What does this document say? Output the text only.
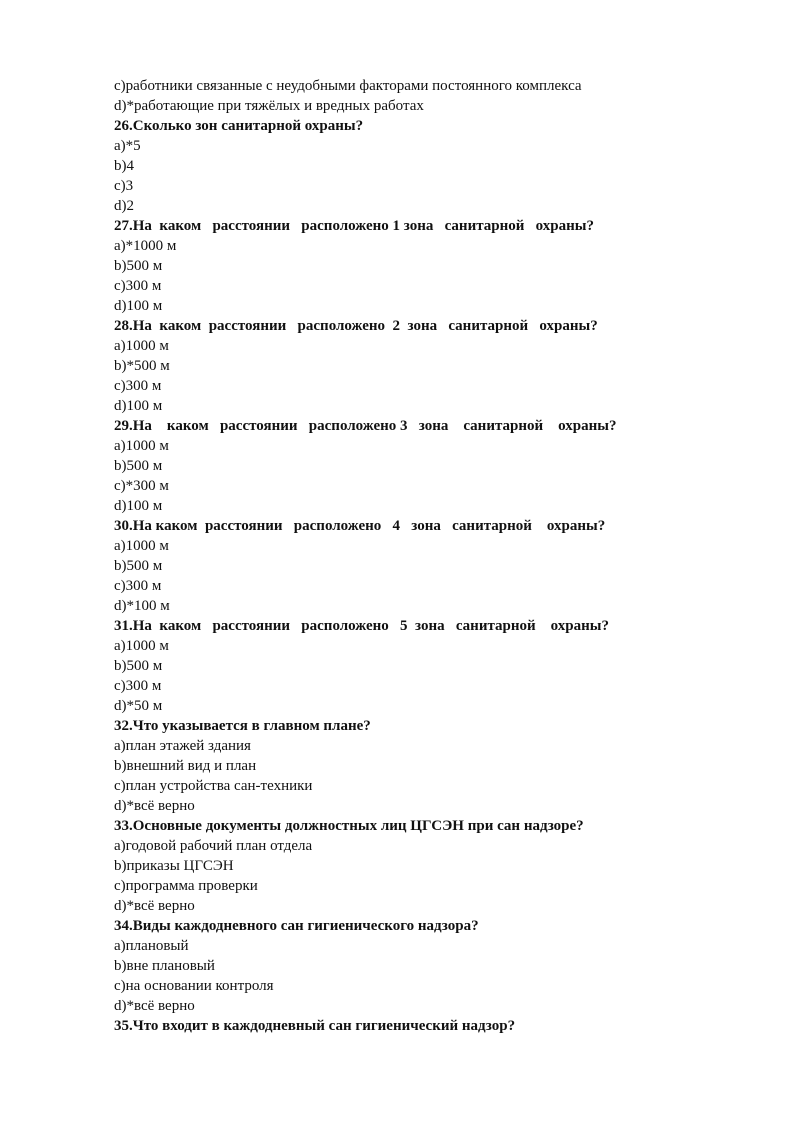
c)работники связанные с неудобными факторами постоянного комплекса
d)*работающие при тяжёлых и вредных работах
26.Сколько зон санитарной охраны?
a)*5
b)4
c)3
d)2
27.На  каком   расстоянии   расположено 1 зона   санитарной   охраны?
a)*1000 м
b)500 м
c)300 м
d)100 м
28.На  каком  расстоянии   расположено  2  зона   санитарной   охраны?
a)1000 м
b)*500 м
c)300 м
d)100 м
29.На    каком   расстоянии   расположено 3   зона    санитарной    охраны?
a)1000 м
b)500 м
c)*300 м
d)100 м
30.На каком  расстоянии   расположено   4   зона   санитарной    охраны?
a)1000 м
b)500 м
c)300 м
d)*100 м
31.На  каком   расстоянии   расположено   5  зона   санитарной    охраны?
a)1000 м
b)500 м
c)300 м
d)*50 м
32.Что указывается в главном плане?
a)план этажей здания
b)внешний вид и план
c)план устройства сан-техники
d)*всё верно
33.Основные документы должностных лиц ЦГСЭН при сан надзоре?
a)годовой рабочий план отдела
b)приказы ЦГСЭН
c)программа проверки
d)*всё верно
34.Виды каждодневного сан гигиенического надзора?
a)плановый
b)вне плановый
c)на основании контроля
d)*всё верно
35.Что входит в каждодневный сан гигиенический надзор?
